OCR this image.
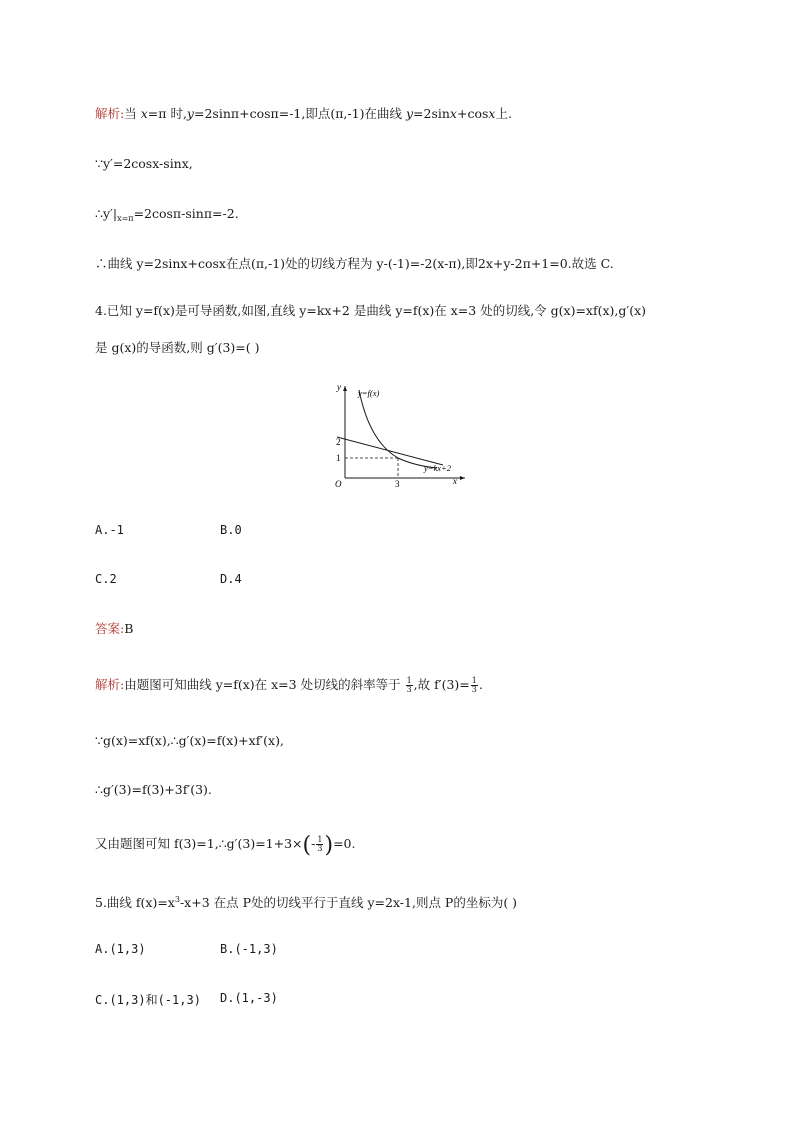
解析:当 x=π 时,y=2sinπ+cosπ=-1,即点(π,-1)在曲线 y=2sinx+cosx上.
∵y′=2cosx-sinx,
$\therefore y'|_{x=\pi}=2\cos\pi-\sin\pi=-2$.
∴曲线 y=2sinx+cosx在点(π,-1)处的切线方程为 y-(-1)=-2(x-π),即2x+y-2π+1=0.故选 C.
4.已知 y=f(x)是可导函数,如图,直线 y=kx+2 是曲线 y=f(x)在 x=3 处的切线,令 g(x)=xf(x),g′(x)
是 g(x)的导函数,则 g′(3)=( )
y
x
O
2
1
3
y=f(x)
y=kx+2
A.-1	B.0
C.2	D.4
答案:B
解析:由题图可知曲线 y=f(x)在 x=3 处切线的斜率等于 $\frac{1}{3}$ ,故 $f'(3)= \frac{1}{3}$ .
∵g(x)=xf(x),∴g′(x)=f(x)+xf′(x),
∴g′(3)=f(3)+3f′(3).
又由题图可知 f(3)=1,∴g′(3)=1+3×(- $\frac{1}{3} )=0$.
5.曲线 $f(x)=x^3-x+3$ 在点 P处的切线平行于直线 y=2x-1,则点 P的坐标为( )
A.(1,3)	B.(-1,3)
C.(1,3)和(-1,3) D.(1,-3)
